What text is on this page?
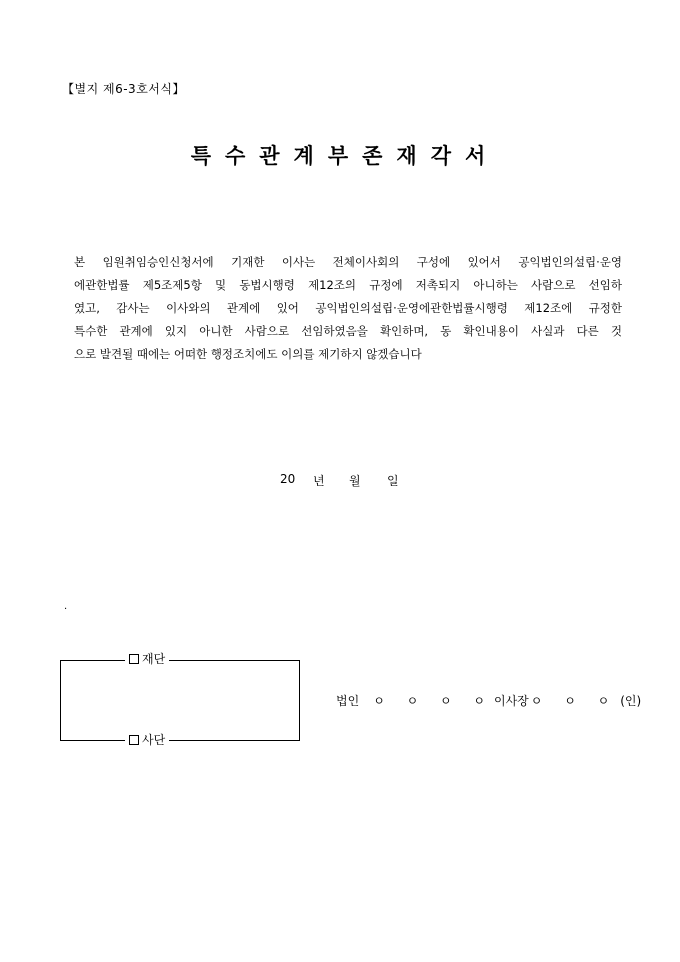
【별지 제6-3호서식】
특수관계부존재각서
본 임원취임승인신청서에 기재한 이사는 전체이사회의 구성에 있어서 공익법인의설립·운영
에관한법률 제5조제5항 및 동법시행령 제12조의 규정에 저촉되지 아니하는 사람으로 선임하
였고, 감사는 이사와의 관계에 있어 공익법인의설립·운영에관한법률시행령 제12조에 규정한
특수한 관계에 있지 아니한 사람으로 선임하였음을 확인하며, 동 확인내용이 사실과 다른 것
으로 발견될 때에는 어떠한 행정조치에도 이의를 제기하지 않겠습니다
20 년 월 일
.
재단
사단
법인 ㅇ ㅇ ㅇ ㅇ 이사장 ㅇ ㅇ ㅇ (인)
